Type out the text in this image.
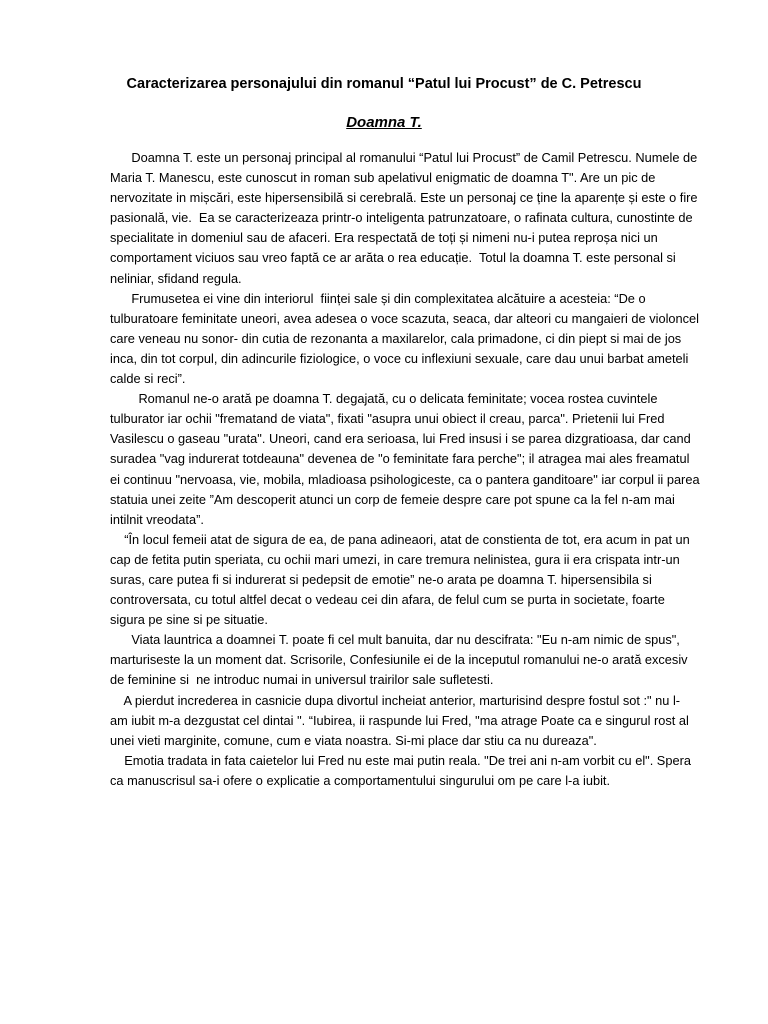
Caracterizarea personajului din romanul “Patul lui Procust” de C. Petrescu
Doamna T.

Doamna T. este un personaj principal al romanului “Patul lui Procust” de Camil Petrescu. Numele de
Maria T. Manescu, este cunoscut in roman sub apelativul enigmatic de doamna T". Are un pic de
nervozitate in mișcări, este hipersensibilă si cerebrală. Este un personaj ce ține la aparențe și este o fire
pasională, vie.  Ea se caracterizeaza printr-o inteligenta patrunzatoare, o rafinata cultura, cunostinte de
specialitate in domeniul sau de afaceri. Era respectată de toți și nimeni nu-i putea reproșa nici un
comportament viciuos sau vreo faptă ce ar arăta o rea educație.  Totul la doamna T. este personal si
neliniar, sfidand regula.

Frumusetea ei vine din interiorul  ființei sale și din complexitatea alcătuire a acesteia: “De o
tulburatoare feminitate uneori, avea adesea o voce scazuta, seaca, dar alteori cu mangaieri de violoncel
care veneau nu sonor- din cutia de rezonanta a maxilarelor, cala primadone, ci din piept si mai de jos
inca, din tot corpul, din adincurile fiziologice, o voce cu inflexiuni sexuale, care dau unui barbat ameteli
calde si reci”.

Romanul ne-o arată pe doamna T. degajată, cu o delicata feminitate; vocea rostea cuvintele
tulburator iar ochii "frematand de viata", fixati "asupra unui obiect il creau, parca". Prietenii lui Fred
Vasilescu o gaseau "urata". Uneori, cand era serioasa, lui Fred insusi i se parea dizgratioasa, dar cand
suradea "vag indurerat totdeauna" devenea de "o feminitate fara perche"; il atragea mai ales freamatul
ei continuu "nervoasa, vie, mobila, mladioasa psihologiceste, ca o pantera ganditoare" iar corpul ii parea
statuia unei zeite ”Am descoperit atunci un corp de femeie despre care pot spune ca la fel n-am mai
intilnit vreodata”.

“În locul femeii atat de sigura de ea, de pana adineaori, atat de constienta de tot, era acum in pat un
cap de fetita putin speriata, cu ochii mari umezi, in care tremura nelinistea, gura ii era crispata intr-un
suras, care putea fi si indurerat si pedepsit de emotie” ne-o arata pe doamna T. hipersensibila si
controversata, cu totul altfel decat o vedeau cei din afara, de felul cum se purta in societate, foarte
sigura pe sine si pe situatie.

Viata launtrica a doamnei T. poate fi cel mult banuita, dar nu descifrata: "Eu n-am nimic de spus",
marturiseste la un moment dat. Scrisorile, Confesiunile ei de la inceputul romanului ne-o arată excesiv
de feminine si  ne introduc numai in universul trairilor sale sufletesti.

A pierdut increderea in casnicie dupa divortul incheiat anterior, marturisind despre fostul sot :" nu l-
am iubit m-a dezgustat cel dintai ". “Iubirea, ii raspunde lui Fred, "ma atrage Poate ca e singurul rost al
unei vieti marginite, comune, cum e viata noastra. Si-mi place dar stiu ca nu dureaza".

Emotia tradata in fata caietelor lui Fred nu este mai putin reala. "De trei ani n-am vorbit cu el". Spera
ca manuscrisul sa-i ofere o explicatie a comportamentului singurului om pe care l-a iubit.
